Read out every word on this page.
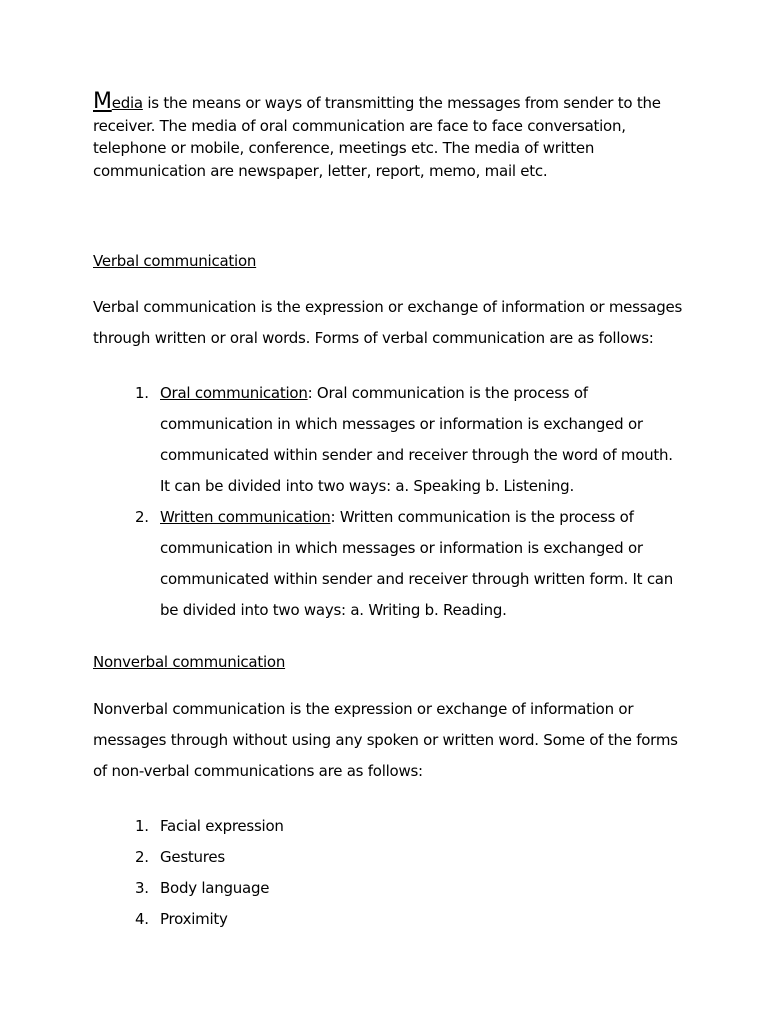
Media is the means or ways of transmitting the messages from sender to the receiver. The media of oral communication are face to face conversation, telephone or mobile, conference, meetings etc. The media of written communication are newspaper, letter, report, memo, mail etc.

Verbal communication

Verbal communication is the expression or exchange of information or messages through written or oral words. Forms of verbal communication are as follows:

1. Oral communication: Oral communication is the process of communication in which messages or information is exchanged or communicated within sender and receiver through the word of mouth. It can be divided into two ways: a. Speaking b. Listening.
2. Written communication: Written communication is the process of communication in which messages or information is exchanged or communicated within sender and receiver through written form. It can be divided into two ways: a. Writing b. Reading.
Nonverbal communication

Nonverbal communication is the expression or exchange of information or messages through without using any spoken or written word. Some of the forms of non-verbal communications are as follows:

1. Facial expression
2. Gestures
3. Body language
4. Proximity
